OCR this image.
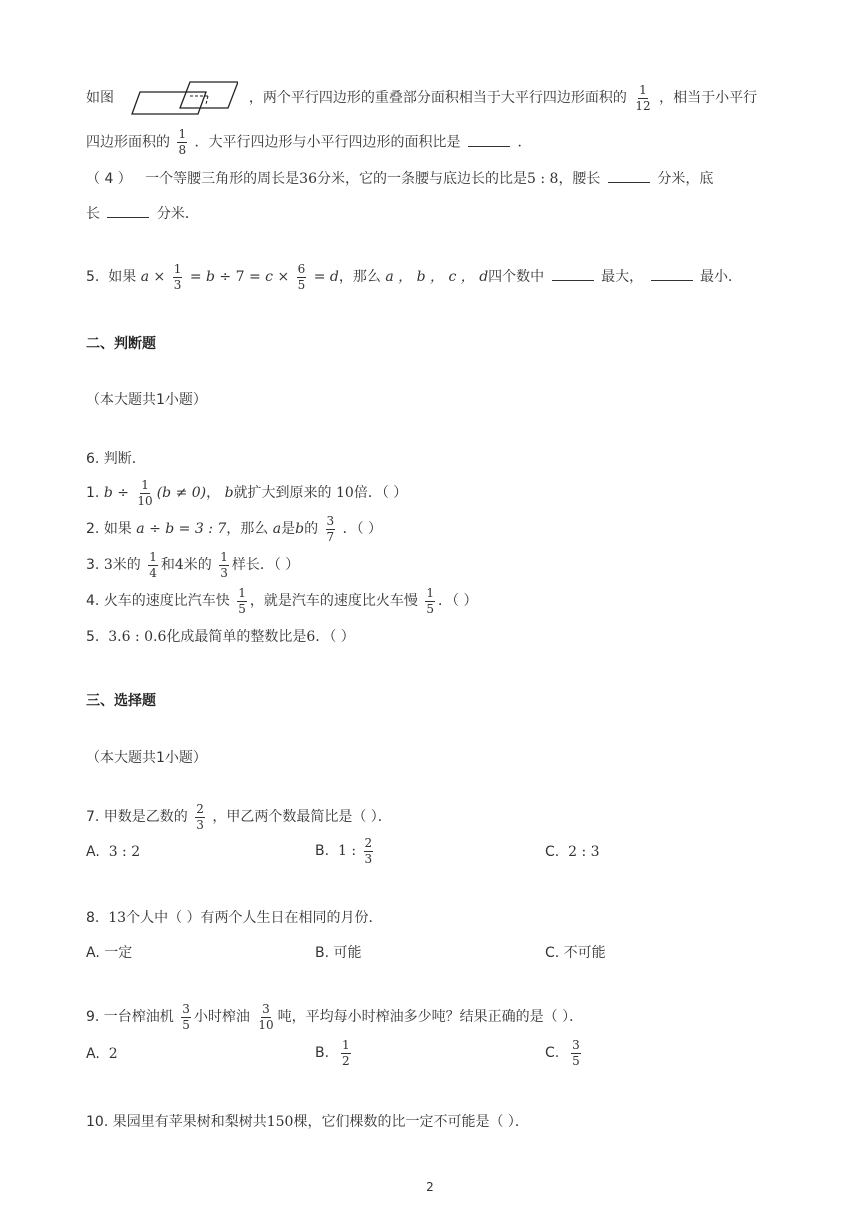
如图	，两个平行四边形的重叠部分面积相当于大平行四边形面积的 $\frac{1}{12}$ ，相当于小平行
四边形面积的 $\frac{1}{8}$ ．大平行四边形与小平行四边形的面积比是	．
（ 4 ） 一个等腰三角形的周长是36分米，它的一条腰与底边长的比是5 : 8，腰长	分米，底
长	分米．
5. 如果 $a \times \frac{1}{3} = b \div 7 = c \times \frac{6}{5} = d$，那么 a ， b ， c ， d四个数中	最大，	最小．
二、判断题
（本大题共1小题）
6. 判断．
1. $b \div \frac{1}{10} (b \ne 0)$， b就扩大到原来的 10倍．（ ）
2. 如果 a ÷ b = 3 : 7，那么 a是b的 $\frac{3}{7}$ ．（ ）
3. 3米的 $\frac{1}{4}$ 和4米的 $\frac{1}{3}$ 样长．（ ）
4. 火车的速度比汽车快 $\frac{1}{5}$ ，就是汽车的速度比火车慢 $\frac{1}{5}$ ．（ ）
5. 3.6 : 0.6化成最简单的整数比是6．（ ）
三、选择题
（本大题共1小题）
7. 甲数是乙数的 $\frac{2}{3}$ ，甲乙两个数最简比是（ ）．
A. 3 : 2	B. 1 : $\frac{2}{3}$	C. 2 : 3
8. 13个人中（ ）有两个人生日在相同的月份．
A. 一定	B. 可能	C. 不可能
9. 一台榨油机 $\frac{3}{5}$ 小时榨油 $\frac{3}{10}$ 吨，平均每小时榨油多少吨？结果正确的是（ ）．
A. 2	B. $\frac{1}{2}$	C. $\frac{3}{5}$
10. 果园里有苹果树和梨树共150棵，它们棵数的比一定不可能是（ ）．
2
